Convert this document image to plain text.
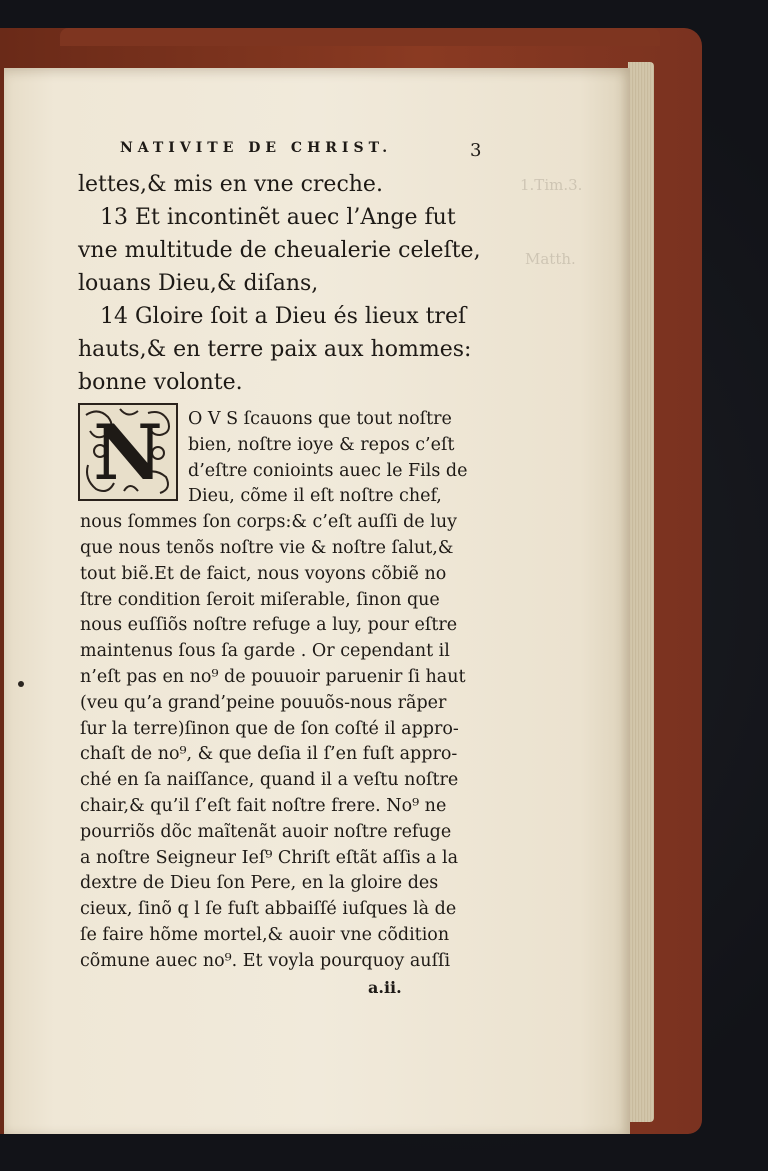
1.Tim.3.
Matth.
NATIVITE DE CHRIST.	3
lettes,& mis en vne creche.
13 Et incontinẽt auec l’Ange fut
vne multitude de cheualerie celeſte,
louans Dieu,& diſans,
14 Gloire ſoit a Dieu és lieux treſ
hauts,& en terre paix aux hommes:
bonne volonte.
N O V S ſcauons que tout noſtre
bien, noſtre ioye & repos c’eſt
d’eſtre conioints auec le Fils de
Dieu, cõme il eſt noſtre chef,
nous ſommes ſon corps:& c’eſt auſſi de luy
que nous tenõs noſtre vie & noſtre ſalut,&
tout biẽ.Et de faict, nous voyons cõbiẽ no
ſtre condition ſeroit miſerable, ſinon que
nous euſſiõs noſtre refuge a luy, pour eſtre
maintenus ſous ſa garde . Or cependant il
n’eſt pas en no⁹ de pouuoir paruenir ſi haut
(veu qu’a grand’peine pouuõs-nous rãper
ſur la terre)ſinon que de ſon coſté il appro-
chaſt de no⁹, & que deſia il ſ’en fuſt appro-
ché en ſa naiſſance, quand il a veſtu noſtre
chair,& qu’il ſ’eſt fait noſtre frere. No⁹ ne
pourriõs dõc maĩtenãt auoir noſtre refuge
a noſtre Seigneur Ieſ⁹ Chriſt eſtãt aſſis a la
dextre de Dieu ſon Pere, en la gloire des
cieux, ſinõ q l ſe fuſt abbaiſſé iuſques là de
ſe faire hõme mortel,& auoir vne cõdition
cõmune auec no⁹. Et voyla pourquoy auſſi
a.ii.
